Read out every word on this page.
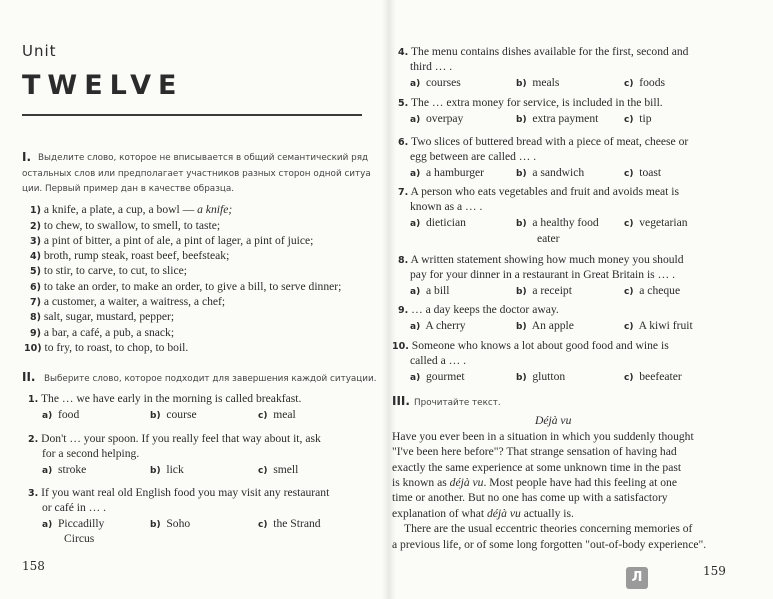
Unit
TWELVE
I. Выделите слово, которое не вписывается в общий семантический ряд
остальных слов или предполагает участников разных сторон одной ситуа
ции. Первый пример дан в качестве образца.
1) a knife, a plate, a cup, a bowl — a knife;
2) to chew, to swallow, to smell, to taste;
3) a pint of bitter, a pint of ale, a pint of lager, a pint of juice;
4) broth, rump steak, roast beef, beefsteak;
5) to stir, to carve, to cut, to slice;
6) to take an order, to make an order, to give a bill, to serve dinner;
7) a customer, a waiter, a waitress, a chef;
8) salt, sugar, mustard, pepper;
9) a bar, a café, a pub, a snack;
10) to fry, to roast, to chop, to boil.
II. Выберите слово, которое подходит для завершения каждой ситуации.
1. The … we have early in the morning is called breakfast.
a) food	b) course	c) meal
2. Don't … your spoon. If you really feel that way about it, ask
for a second helping.
a) stroke	b) lick	c) smell
3. If you want real old English food you may visit any restaurant
or café in … .
a) Piccadilly
Circus
b) Soho	c) the Strand
158
4. The menu contains dishes available for the first, second and
third … .
a) courses	b) meals	c) foods
5. The … extra money for service, is included in the bill.
a) overpay	b) extra payment	c) tip
6. Two slices of buttered bread with a piece of meat, cheese or
egg between are called … .
a) a hamburger	b) a sandwich	c) toast
7. A person who eats vegetables and fruit and avoids meat is
known as a … .
a) dietician	b) a healthy food
eater
c) vegetarian
8. A written statement showing how much money you should
pay for your dinner in a restaurant in Great Britain is … .
a) a bill	b) a receipt	c) a cheque
9. … a day keeps the doctor away.
a) A cherry	b) An apple	c) A kiwi fruit
10. Someone who knows a lot about good food and wine is
called a … .
a) gourmet	b) glutton	c) beefeater
III. Прочитайте текст.
Déjà vu
Have you ever been in a situation in which you suddenly thought
"I've been here before"? That strange sensation of having had
exactly the same experience at some unknown time in the past
is known as déjà vu. Most people have had this feeling at one
time or another. But no one has come up with a satisfactory
explanation of what déjà vu actually is.
There are the usual eccentric theories concerning memories of
a previous life, or of some long forgotten "out-of-body experience".
Л	159
